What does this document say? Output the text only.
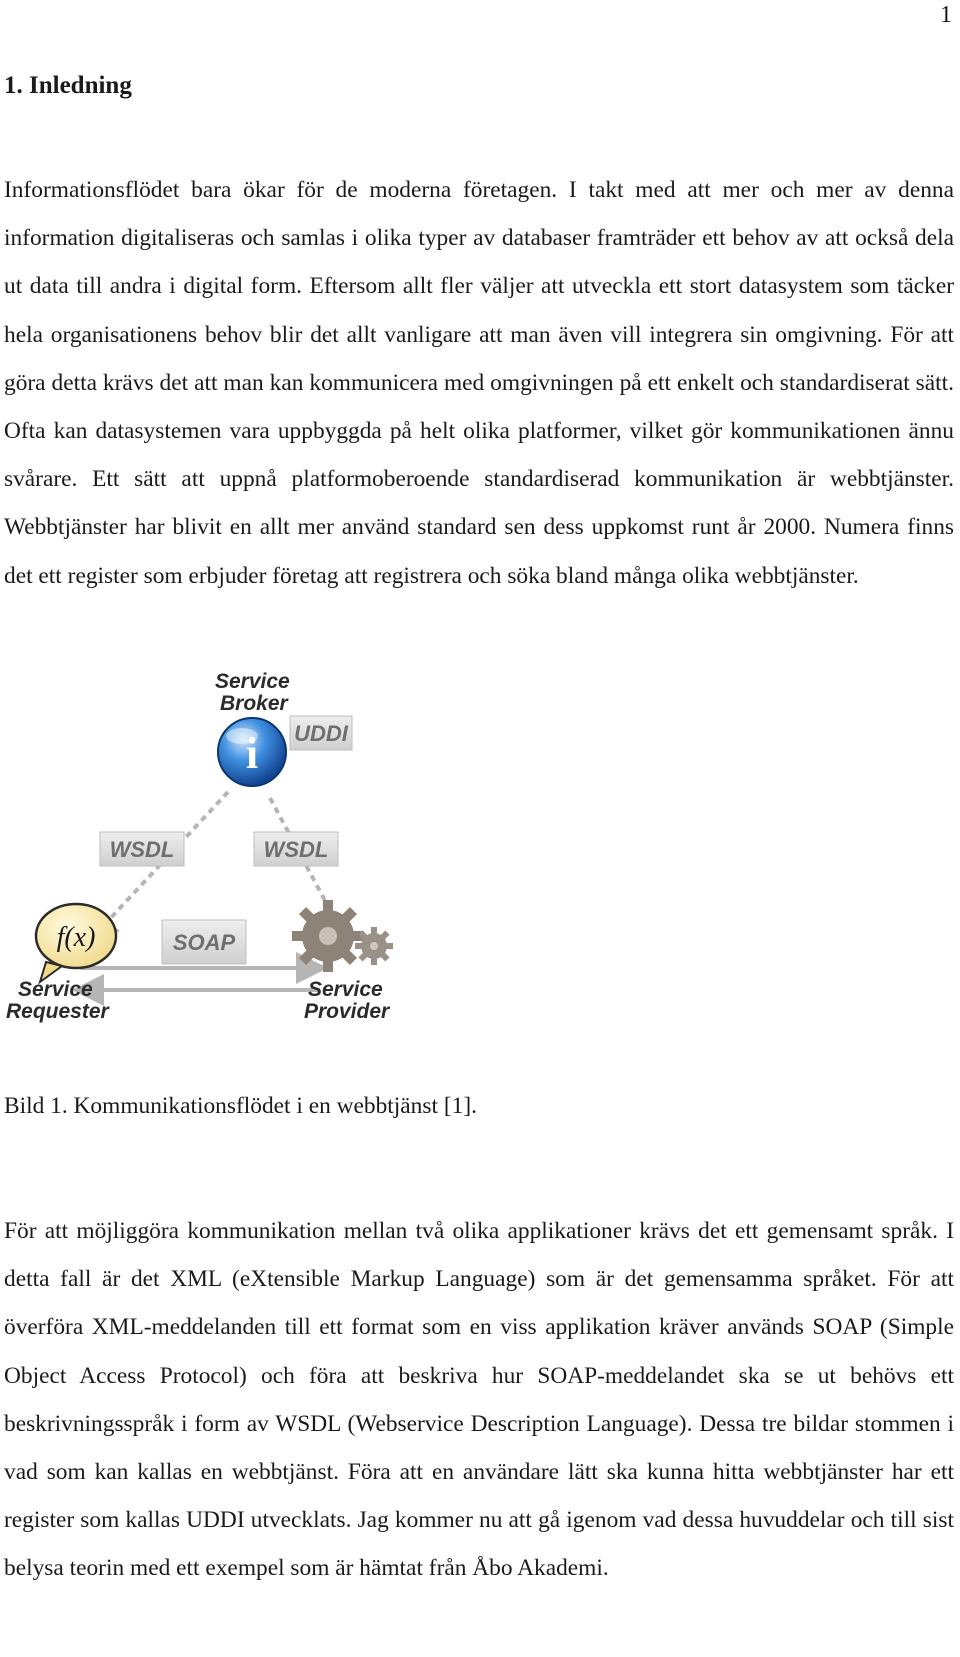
1
1. Inledning

Informationsflödet bara ökar för de moderna företagen. I takt med att mer och mer av denna information digitaliseras och samlas i olika typer av databaser framträder ett behov av att också dela ut data till andra i digital form. Eftersom allt fler väljer att utveckla ett stort datasystem som täcker hela organisationens behov blir det allt vanligare att man även vill integrera sin omgivning. För att göra detta krävs det att man kan kommunicera med omgivningen på ett enkelt och standardiserat sätt. Ofta kan datasystemen vara uppbyggda på helt olika platformer, vilket gör kommunikationen ännu svårare. Ett sätt att uppnå platformoberoende standardiserad kommunikation är webbtjänster. Webbtjänster har blivit en allt mer använd standard sen dess uppkomst runt år 2000. Numera finns det ett register som erbjuder företag att registrera och söka bland många olika webbtjänster.

Service
Broker
i UDDI
WSDL	WSDL
f(x)	SOAP
Service
Requester
Service
Provider

Bild 1. Kommunikationsflödet i en webbtjänst [1].

För att möjliggöra kommunikation mellan två olika applikationer krävs det ett gemensamt språk. I detta fall är det XML (eXtensible Markup Language) som är det gemensamma språket. För att överföra XML-meddelanden till ett format som en viss applikation kräver används SOAP (Simple Object Access Protocol) och föra att beskriva hur SOAP-meddelandet ska se ut behövs ett beskrivningsspråk i form av WSDL (Webservice Description Language). Dessa tre bildar stommen i vad som kan kallas en webbtjänst. Föra att en användare lätt ska kunna hitta webbtjänster har ett register som kallas UDDI utvecklats. Jag kommer nu att gå igenom vad dessa huvuddelar och till sist belysa teorin med ett exempel som är hämtat från Åbo Akademi.
